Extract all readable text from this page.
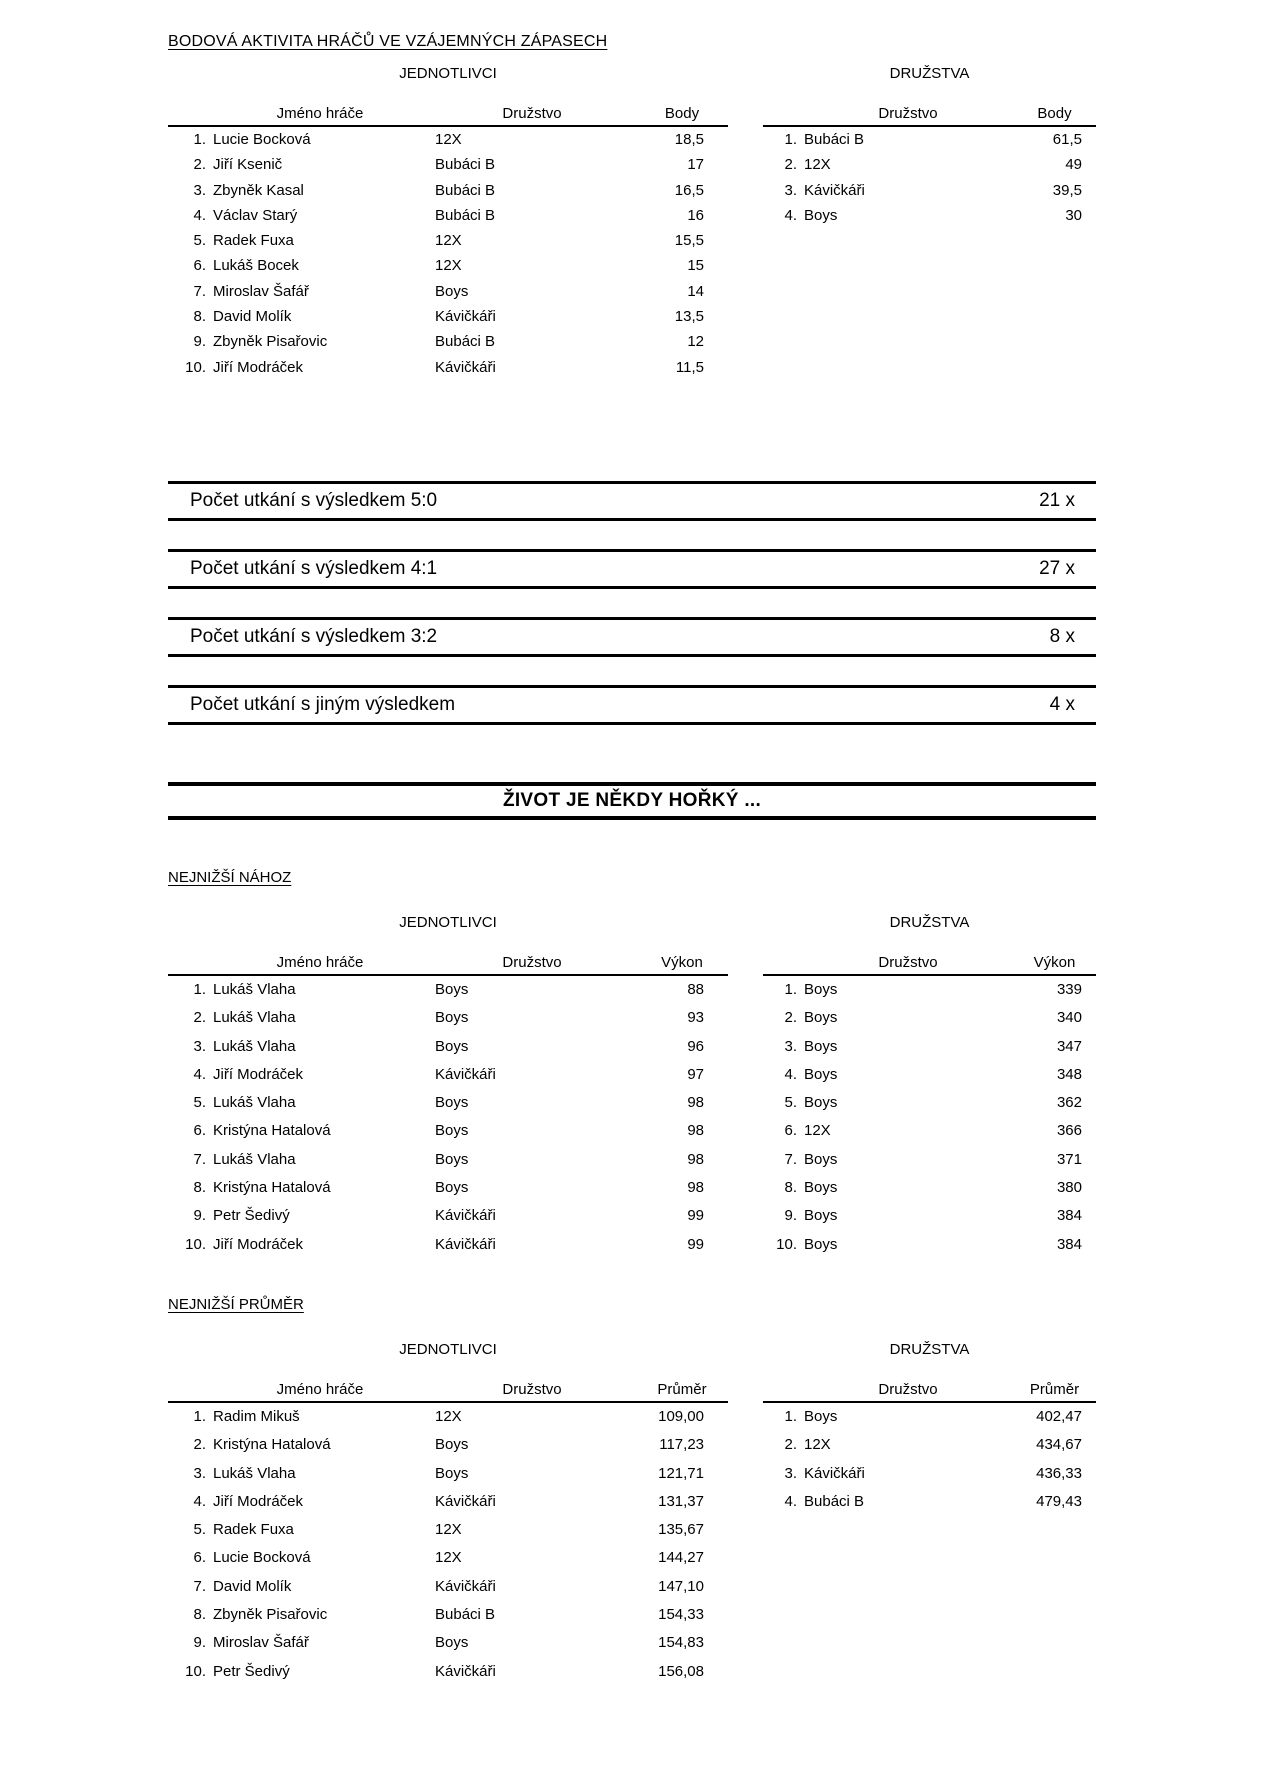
BODOVÁ AKTIVITA HRÁČŮ VE VZÁJEMNÝCH ZÁPASECH
JEDNOTLIVCI
Jméno hráče	Družstvo	Body
1. Lucie Bocková	12X	18,5
2. Jiří Ksenič	Bubáci B	17
3. Zbyněk Kasal	Bubáci B	16,5
4. Václav Starý	Bubáci B	16
5. Radek Fuxa	12X	15,5
6. Lukáš Bocek	12X	15
7. Miroslav Šafář	Boys	14
8. David Molík	Kávičkáři	13,5
9. Zbyněk Pisařovic	Bubáci B	12
10. Jiří Modráček	Kávičkáři	11,5
DRUŽSTVA
Družstvo	Body
1. Bubáci B	61,5
2. 12X	49
3. Kávičkáři	39,5
4. Boys	30
Počet utkání s výsledkem 5:0	21 x
Počet utkání s výsledkem 4:1	27 x
Počet utkání s výsledkem 3:2	8 x
Počet utkání s jiným výsledkem	4 x
ŽIVOT JE NĚKDY HOŘKÝ ...
NEJNIŽŠÍ NÁHOZ
JEDNOTLIVCI
Jméno hráče	Družstvo	Výkon
1. Lukáš Vlaha	Boys	88
2. Lukáš Vlaha	Boys	93
3. Lukáš Vlaha	Boys	96
4. Jiří Modráček	Kávičkáři	97
5. Lukáš Vlaha	Boys	98
6. Kristýna Hatalová	Boys	98
7. Lukáš Vlaha	Boys	98
8. Kristýna Hatalová	Boys	98
9. Petr Šedivý	Kávičkáři	99
10. Jiří Modráček	Kávičkáři	99
DRUŽSTVA
Družstvo	Výkon
1. Boys	339
2. Boys	340
3. Boys	347
4. Boys	348
5. Boys	362
6. 12X	366
7. Boys	371
8. Boys	380
9. Boys	384
10. Boys	384
NEJNIŽŠÍ PRŮMĚR
JEDNOTLIVCI
Jméno hráče	Družstvo	Průměr
1. Radim Mikuš	12X	109,00
2. Kristýna Hatalová	Boys	117,23
3. Lukáš Vlaha	Boys	121,71
4. Jiří Modráček	Kávičkáři	131,37
5. Radek Fuxa	12X	135,67
6. Lucie Bocková	12X	144,27
7. David Molík	Kávičkáři	147,10
8. Zbyněk Pisařovic	Bubáci B	154,33
9. Miroslav Šafář	Boys	154,83
10. Petr Šedivý	Kávičkáři	156,08
DRUŽSTVA
Družstvo	Průměr
1. Boys	402,47
2. 12X	434,67
3. Kávičkáři	436,33
4. Bubáci B	479,43
